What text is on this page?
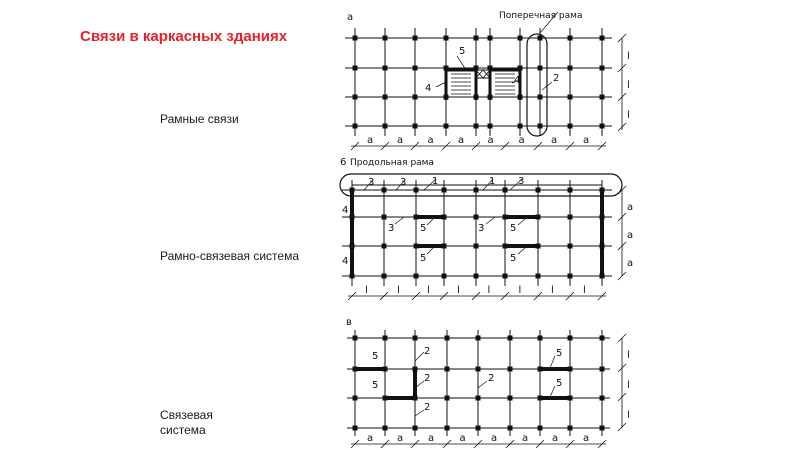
Связи в каркасных зданиях
Рамные связи
Рамно-связевая система
Связевая система
а	Поперечная рама
5
4
4	2
l
l
l
а а а а а а	а	а
6 Продольная рама
3	3	1	1 3
4
4
3	3
5	5
5	5
а
а
а
l	l	l	l	l	l	l	l
в
5	2
5
2	2
2
5
5
l
l
l
а а а	а	а а а а
